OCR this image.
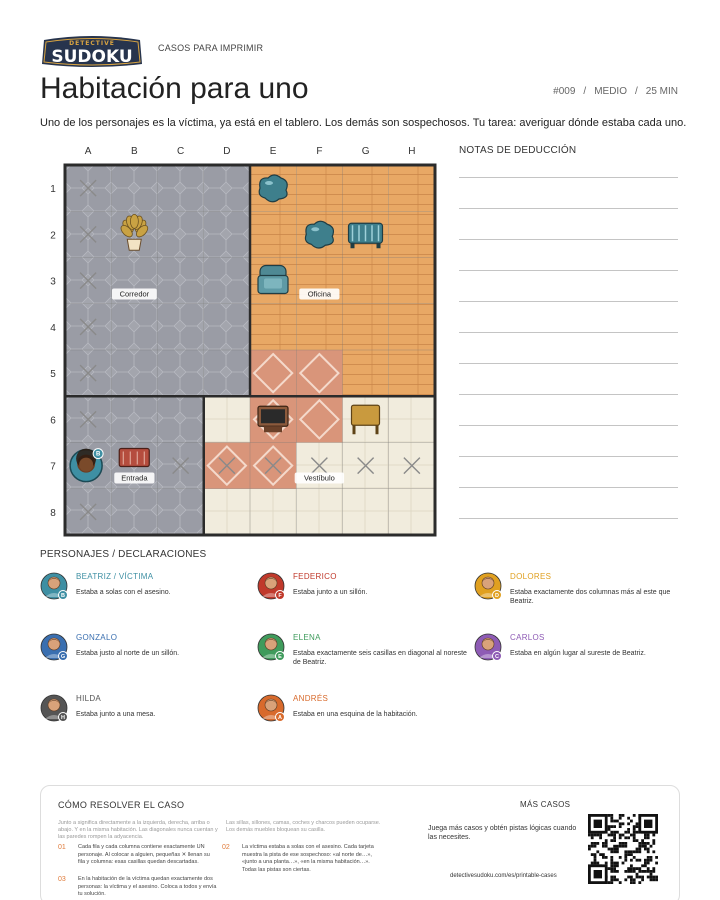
DETECTIVE
SUDOKU	CASOS PARA IMPRIMIR
Habitación para uno	#009 / MEDIO / 25 MIN

Uno de los personajes es la víctima, ya está en el tablero. Los demás son sospechosos. Tu tarea: averiguar dónde estaba cada uno.

A	B	C	D	E	F	G	H
1
2
3
4
5
6
7
8
Corredor	Oficina
Entrada	Vestíbulo
B
NOTAS DE DEDUCCIÓN
PERSONAJES / DECLARACIONES
B
BEATRIZ / VÍCTIMA
Estaba a solas con el asesino.	F
FEDERICO
Estaba junto a un sillón.	D
DOLORES
Estaba exactamente dos columnas más al este que Beatriz.
G
GONZALO
Estaba justo al norte de un sillón.	E
ELENA
Estaba exactamente seis casillas en diagonal al noreste de Beatriz.
C
CARLOS
Estaba en algún lugar al sureste de Beatriz.
H
HILDA
Estaba junto a una mesa.	A
ANDRÉS
Estaba en una esquina de la habitación.
CÓMO RESOLVER EL CASO
Junto a significa directamente a la izquierda, derecha, arriba o abajo. Y en la misma habitación. Las diagonales nunca cuentan y las paredes rompen la adyacencia.
Las sillas, sillones, camas, coches y charcos pueden ocuparse. Los demás muebles bloquean su casilla.
01 Cada fila y cada columna contiene exactamente UN personaje. Al colocar a alguien, pequeñas ✕ llenan su fila y columna: esas casillas quedan descartadas.
02 La víctima estaba a solas con el asesino. Cada tarjeta muestra la pista de ese sospechoso: «al norte de…», «junto a una planta…», «en la misma habitación…». Todas las pistas son ciertas.
03 En la habitación de la víctima quedan exactamente dos personas: la víctima y el asesino. Coloca a todos y envía tu solución.
MÁS CASOS
Juega más casos y obtén pistas lógicas cuando las necesites.
detectivesudoku.com/es/printable-cases
